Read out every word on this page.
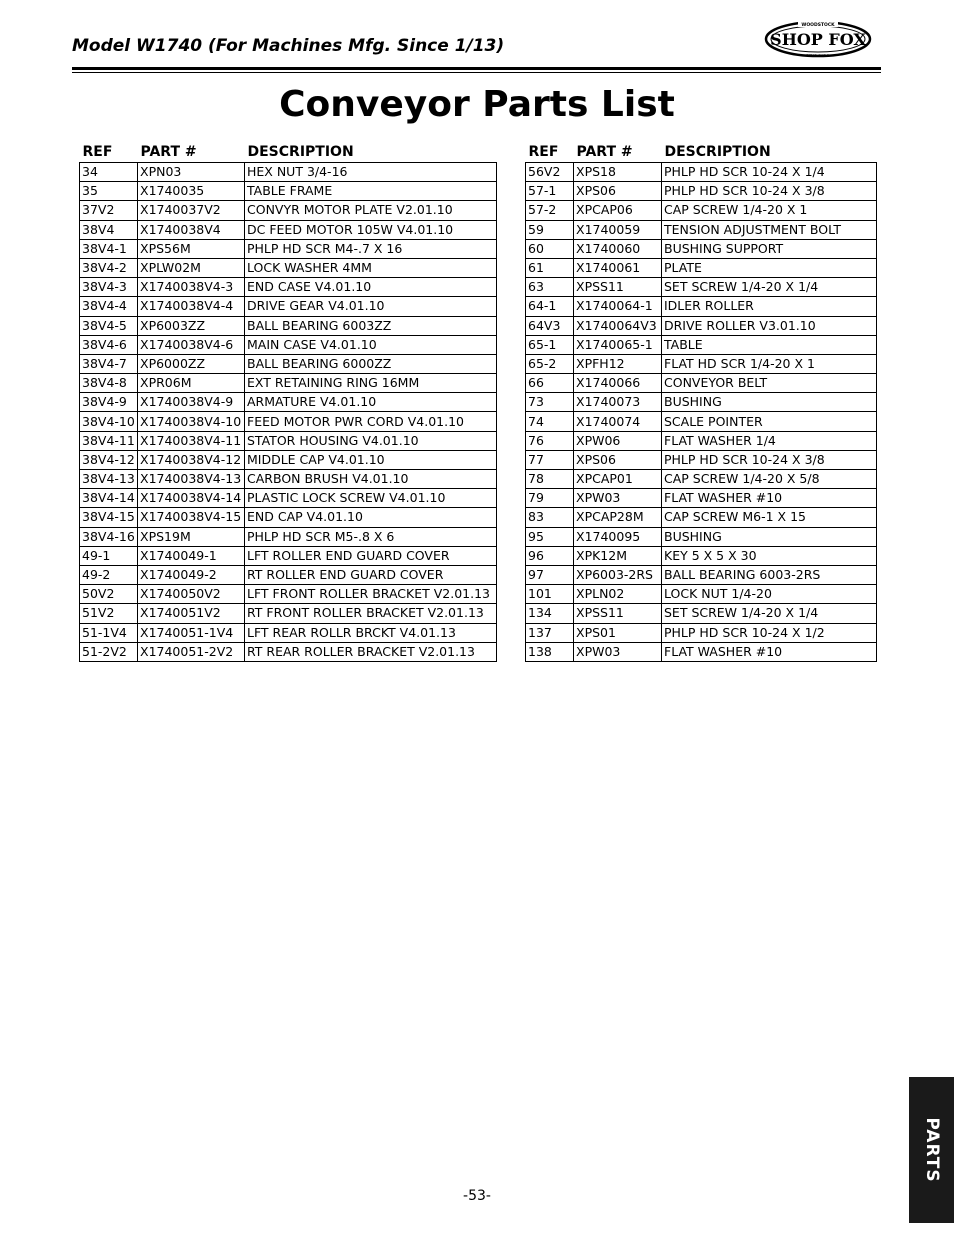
Model W1740 (For Machines Mfg. Since 1/13)
WOODSTOCK
SHOP FOX
INTERNATIONAL
Conveyor Parts List
REF	PART #	DESCRIPTION
34	XPN03	HEX NUT 3/4-16
35	X1740035	TABLE FRAME
37V2	X1740037V2	CONVYR MOTOR PLATE V2.01.10
38V4	X1740038V4	DC FEED MOTOR 105W V4.01.10
38V4-1	XPS56M	PHLP HD SCR M4-.7 X 16
38V4-2	XPLW02M	LOCK WASHER 4MM
38V4-3	X1740038V4-3	END CASE V4.01.10
38V4-4	X1740038V4-4	DRIVE GEAR V4.01.10
38V4-5	XP6003ZZ	BALL BEARING 6003ZZ
38V4-6	X1740038V4-6	MAIN CASE V4.01.10
38V4-7	XP6000ZZ	BALL BEARING 6000ZZ
38V4-8	XPR06M	EXT RETAINING RING 16MM
38V4-9	X1740038V4-9	ARMATURE V4.01.10
38V4-10	X1740038V4-10	FEED MOTOR PWR CORD V4.01.10
38V4-11	X1740038V4-11	STATOR HOUSING V4.01.10
38V4-12	X1740038V4-12	MIDDLE CAP V4.01.10
38V4-13	X1740038V4-13	CARBON BRUSH V4.01.10
38V4-14	X1740038V4-14	PLASTIC LOCK SCREW V4.01.10
38V4-15	X1740038V4-15	END CAP V4.01.10
38V4-16	XPS19M	PHLP HD SCR M5-.8 X 6
49-1	X1740049-1	LFT ROLLER END GUARD COVER
49-2	X1740049-2	RT ROLLER END GUARD COVER
50V2	X1740050V2	LFT FRONT ROLLER BRACKET V2.01.13
51V2	X1740051V2	RT FRONT ROLLER BRACKET V2.01.13
51-1V4	X1740051-1V4	LFT REAR ROLLR BRCKT V4.01.13
51-2V2	X1740051-2V2	RT REAR ROLLER BRACKET V2.01.13
REF	PART #	DESCRIPTION
56V2	XPS18	PHLP HD SCR 10-24 X 1/4
57-1	XPS06	PHLP HD SCR 10-24 X 3/8
57-2	XPCAP06	CAP SCREW 1/4-20 X 1
59	X1740059	TENSION ADJUSTMENT BOLT
60	X1740060	BUSHING SUPPORT
61	X1740061	PLATE
63	XPSS11	SET SCREW 1/4-20 X 1/4
64-1	X1740064-1	IDLER ROLLER
64V3	X1740064V3	DRIVE ROLLER V3.01.10
65-1	X1740065-1	TABLE
65-2	XPFH12	FLAT HD SCR 1/4-20 X 1
66	X1740066	CONVEYOR BELT
73	X1740073	BUSHING
74	X1740074	SCALE POINTER
76	XPW06	FLAT WASHER 1/4
77	XPS06	PHLP HD SCR 10-24 X 3/8
78	XPCAP01	CAP SCREW 1/4-20 X 5/8
79	XPW03	FLAT WASHER #10
83	XPCAP28M	CAP SCREW M6-1 X 15
95	X1740095	BUSHING
96	XPK12M	KEY 5 X 5 X 30
97	XP6003-2RS	BALL BEARING 6003-2RS
101	XPLN02	LOCK NUT 1/4-20
134	XPSS11	SET SCREW 1/4-20 X 1/4
137	XPS01	PHLP HD SCR 10-24 X 1/2
138	XPW03	FLAT WASHER #10
PARTS
-53-
